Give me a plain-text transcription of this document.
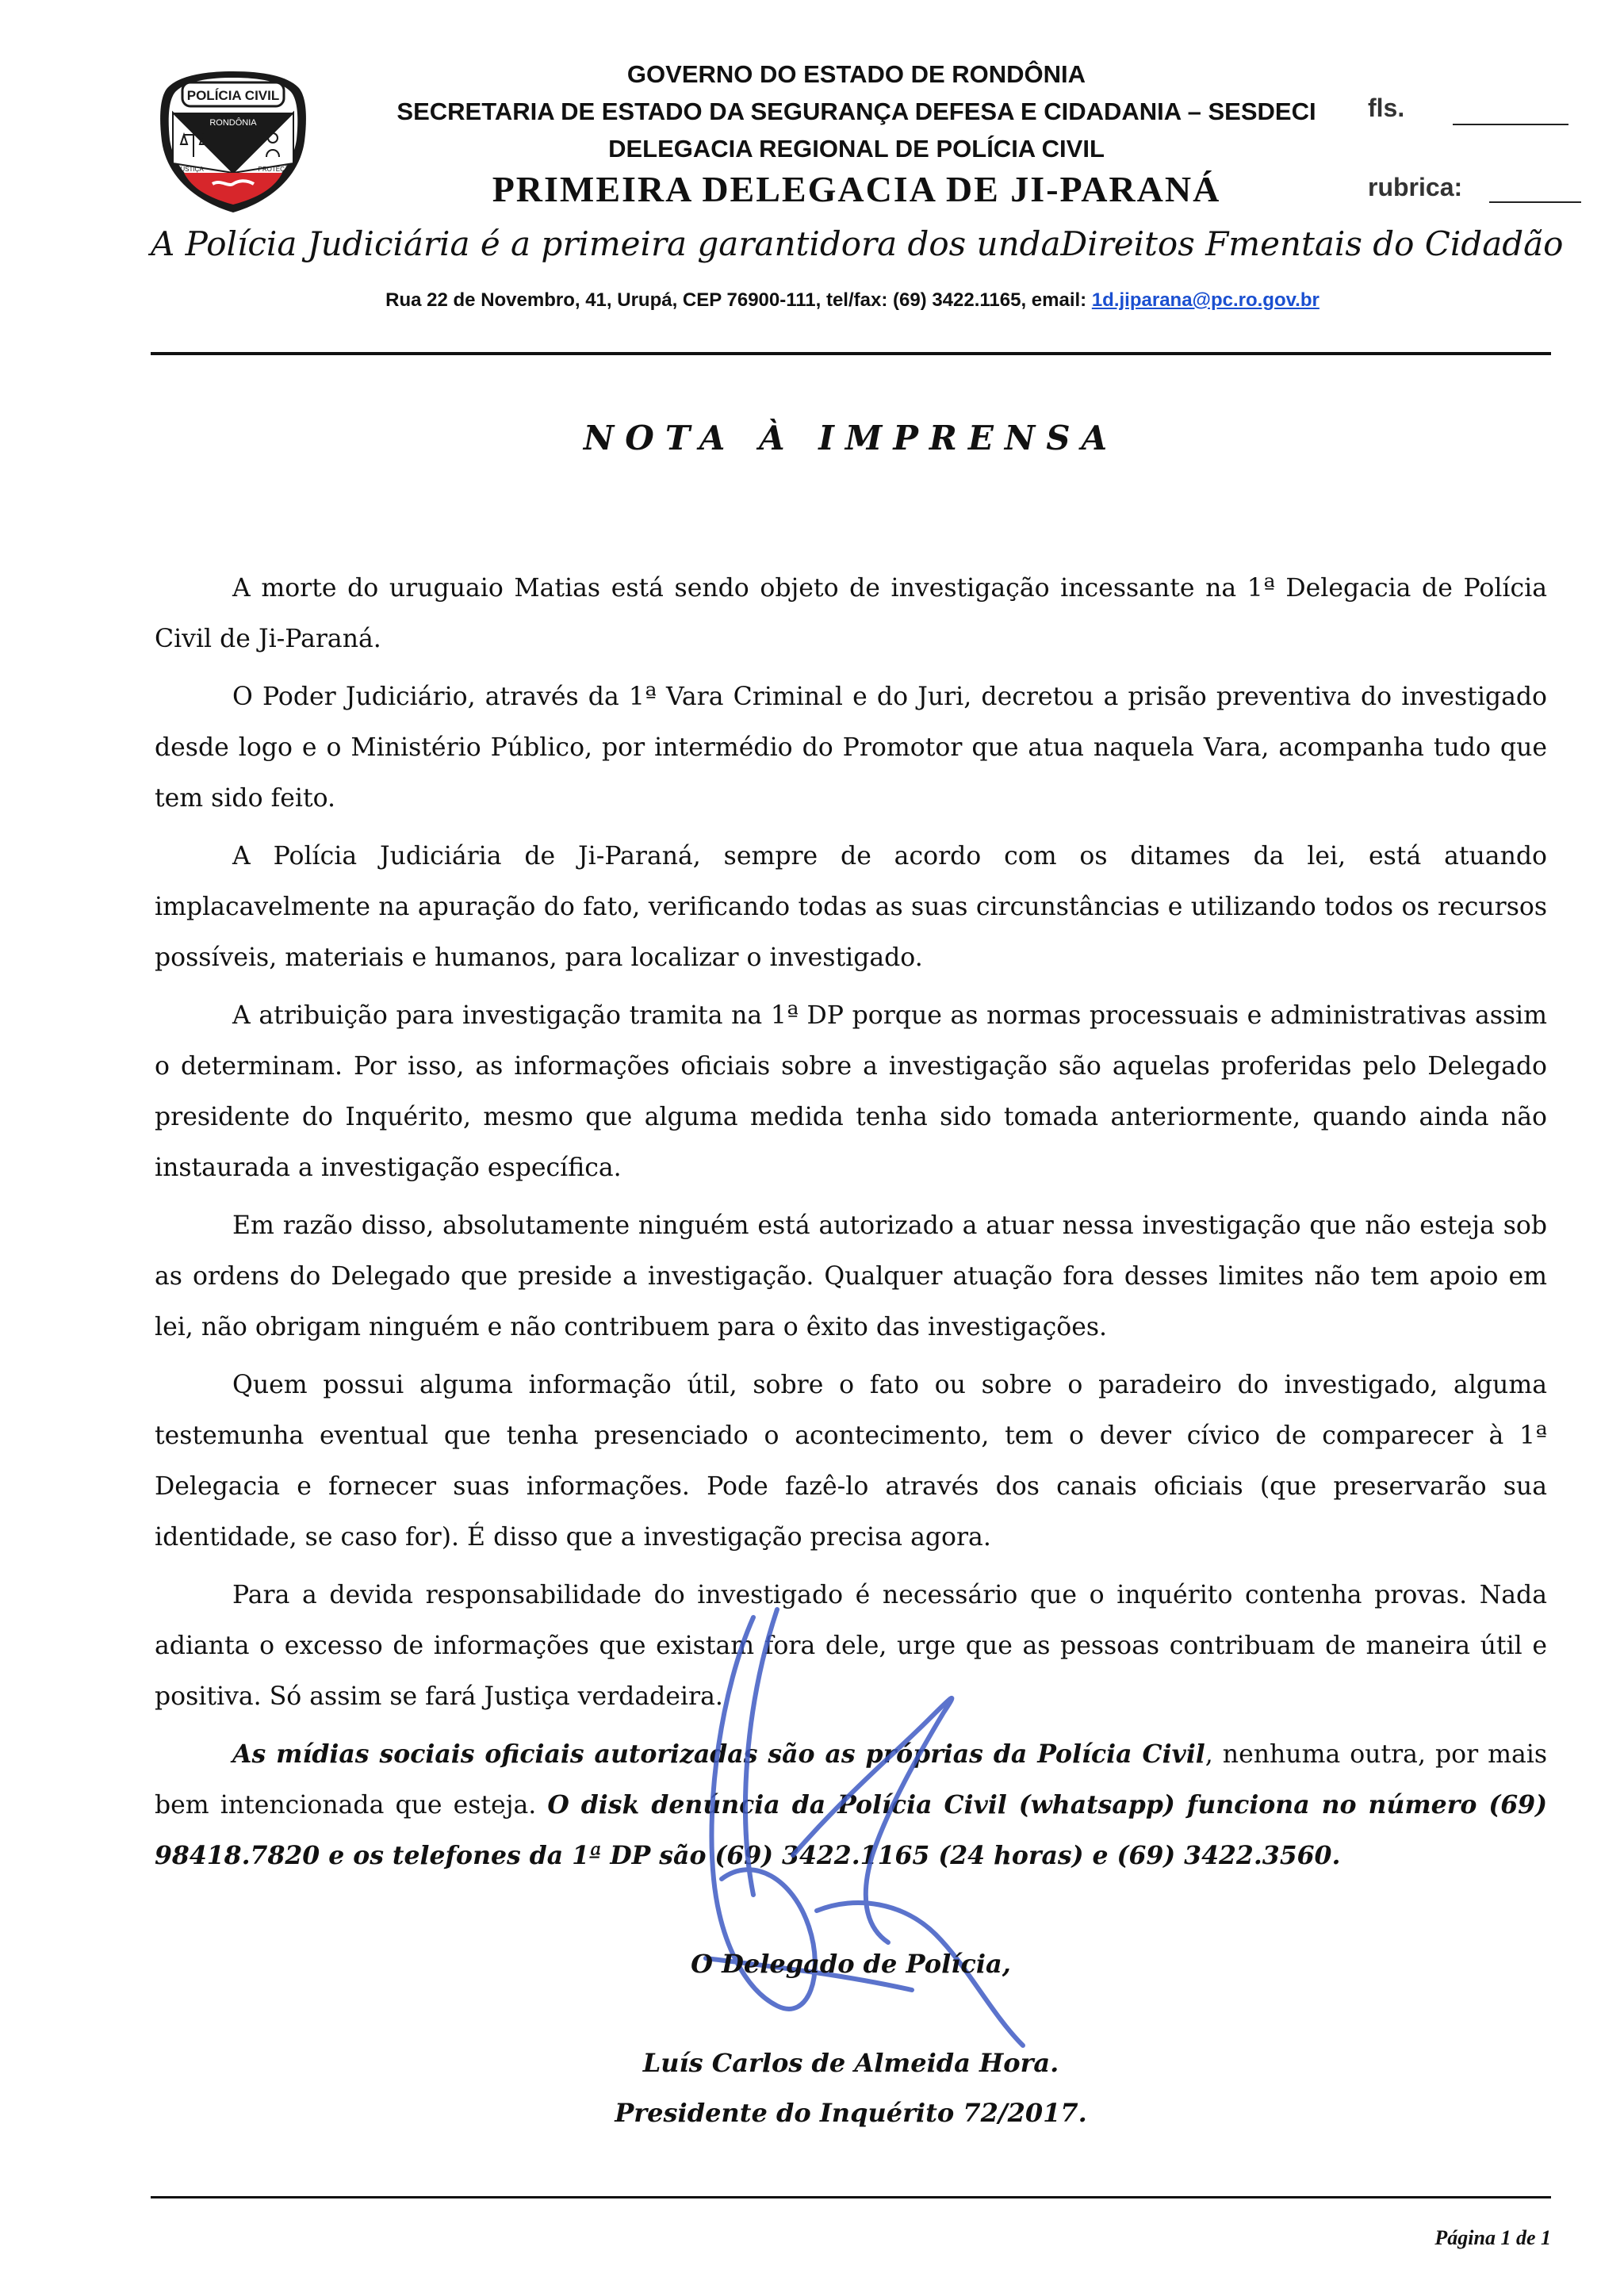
POLÍCIA CIVIL
RONDÔNIA
JUSTIÇA	PROTEÇÃO
GOVERNO DO ESTADO DE RONDÔNIA
SECRETARIA DE ESTADO DA SEGURANÇA DEFESA E CIDADANIA – SESDECI
DELEGACIA REGIONAL DE POLÍCIA CIVIL
PRIMEIRA DELEGACIA DE JI-PARANÁ
fls.
rubrica:
A Polícia Judiciária é a primeira garantidora dos undaDireitos Fmentais do Cidadão
Rua 22 de Novembro, 41, Urupá, CEP 76900-111, tel/fax: (69) 3422.1165, email: 1d.jiparana@pc.ro.gov.br
NOTA À IMPRENSA

A morte do uruguaio Matias está sendo objeto de investigação incessante na 1ª Delegacia de Polícia Civil de Ji-Paraná.

O Poder Judiciário, através da 1ª Vara Criminal e do Juri, decretou a prisão preventiva do investigado desde logo e o Ministério Público, por intermédio do Promotor que atua naquela Vara, acompanha tudo que tem sido feito.

A Polícia Judiciária de Ji-Paraná, sempre de acordo com os ditames da lei, está atuando implacavelmente na apuração do fato, verificando todas as suas circunstâncias e utilizando todos os recursos possíveis, materiais e humanos, para localizar o investigado.

A atribuição para investigação tramita na 1ª DP porque as normas processuais e administrativas assim o determinam. Por isso, as informações oficiais sobre a investigação são aquelas proferidas pelo Delegado presidente do Inquérito, mesmo que alguma medida tenha sido tomada anteriormente, quando ainda não instaurada a investigação específica.

Em razão disso, absolutamente ninguém está autorizado a atuar nessa investigação que não esteja sob as ordens do Delegado que preside a investigação. Qualquer atuação fora desses limites não tem apoio em lei, não obrigam ninguém e não contribuem para o êxito das investigações.

Quem possui alguma informação útil, sobre o fato ou sobre o paradeiro do investigado, alguma testemunha eventual que tenha presenciado o acontecimento, tem o dever cívico de comparecer à 1ª Delegacia e fornecer suas informações. Pode fazê-lo através dos canais oficiais (que preservarão sua identidade, se caso for). É disso que a investigação precisa agora.

Para a devida responsabilidade do investigado é necessário que o inquérito contenha provas. Nada adianta o excesso de informações que existam fora dele, urge que as pessoas contribuam de maneira útil e positiva. Só assim se fará Justiça verdadeira.

As mídias sociais oficiais autorizadas são as próprias da Polícia Civil, nenhuma outra, por mais bem intencionada que esteja. O disk denúncia da Polícia Civil (whatsapp) funciona no número (69) 98418.7820 e os telefones da 1ª DP são (69) 3422.1165 (24 horas) e (69) 3422.3560.

O Delegado de Polícia,
Luís Carlos de Almeida Hora.
Presidente do Inquérito 72/2017.
Página 1 de 1
